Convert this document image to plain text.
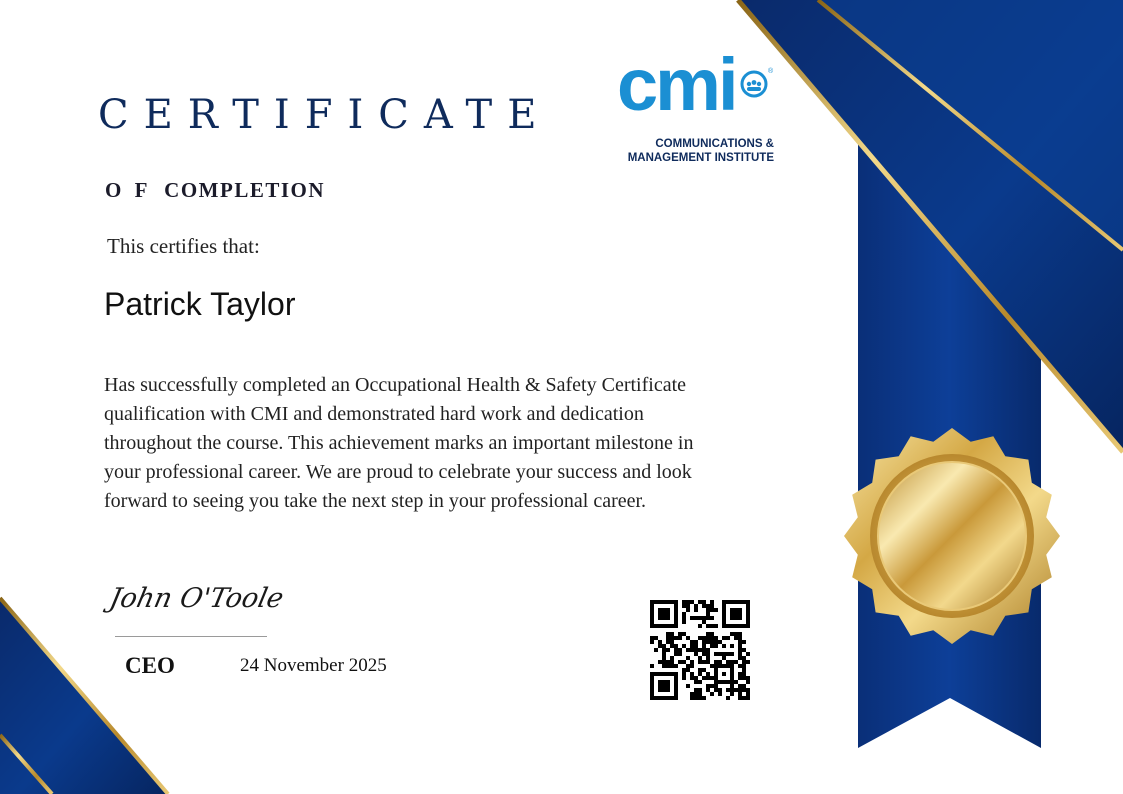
CERTIFICATE
O F COMPLETION
This certifies that:
Patrick Taylor

Has successfully completed an Occupational Health & Safety Certificate qualification with CMI and demonstrated hard work and dedication throughout the course. This achievement marks an important milestone in your professional career. We are proud to celebrate your success and look forward to seeing you take the next step in your professional career.

John O'Toole
CEO	24 November 2025
cmi	®
COMMUNICATIONS &
MANAGEMENT INSTITUTE
